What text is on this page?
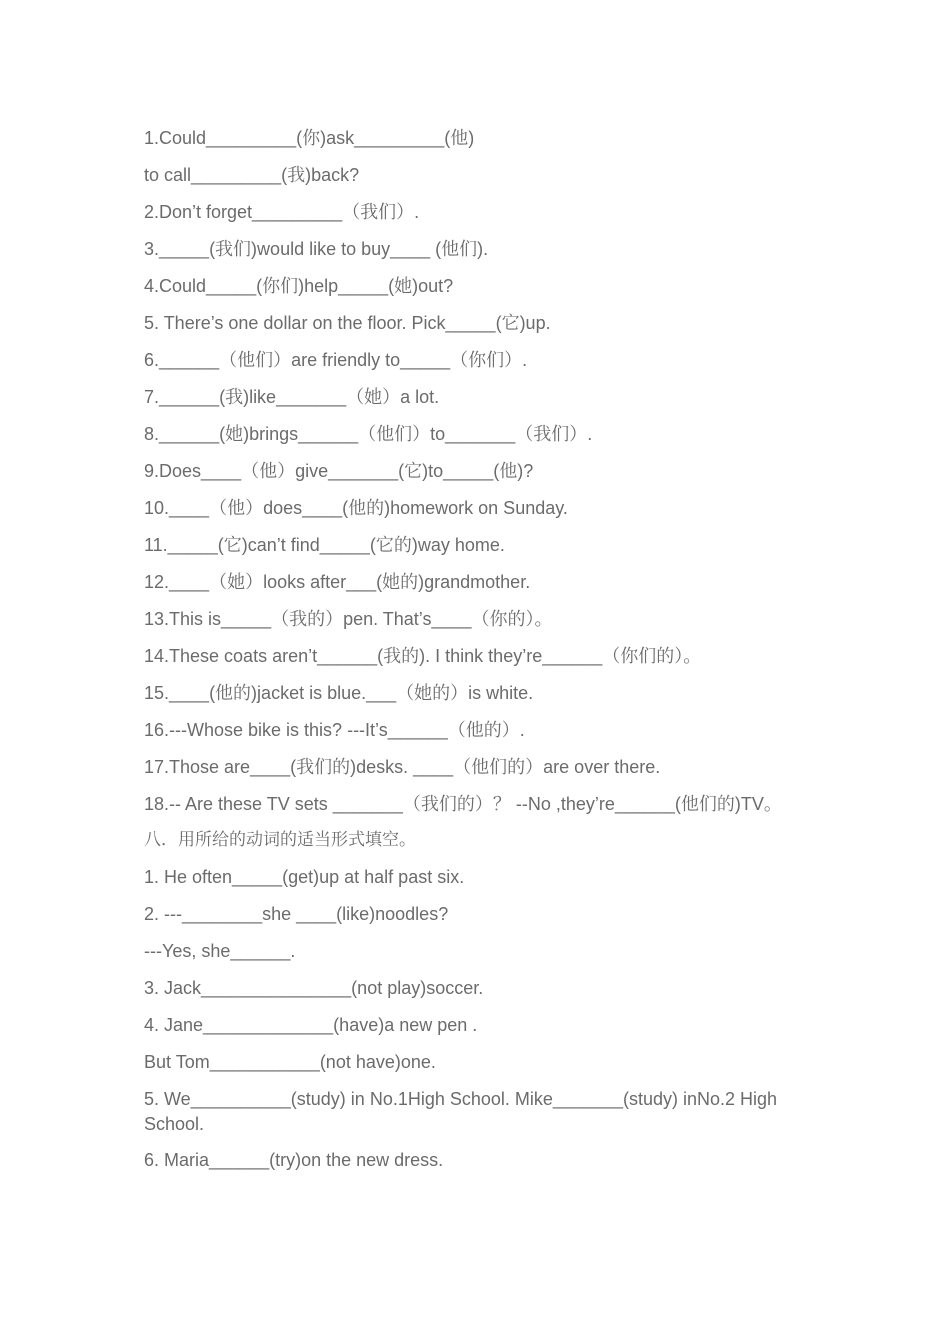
1.Could_________(你)ask_________(他)
to call_________(我)back?
2.Don’t forget_________（我们）.
3._____(我们)would like to buy____ (他们).
4.Could_____(你们)help_____(她)out?
5. There’s one dollar on the floor. Pick_____(它)up.
6.______（他们）are friendly to_____（你们）.
7.______(我)like_______（她）a lot.
8.______(她)brings______（他们）to_______（我们）.
9.Does____（他）give_______(它)to_____(他)?
10.____（他）does____(他的)homework on Sunday.
11._____(它)can’t find_____(它的)way home.
12.____（她）looks after___(她的)grandmother.
13.This is_____（我的）pen. That’s____（你的）。
14.These coats aren’t______(我的). I think they’re______（你们的）。
15.____(他的)jacket is blue.___（她的）is white.
16.---Whose bike is this? ---It’s______（他的）.
17.Those are____(我们的)desks. ____（他们的）are over there.
18.-- Are these TV sets _______（我们的）？ --No ,they’re______(他们的)TV。
八．用所给的动词的适当形式填空。
1. He often_____(get)up at half past six.
2. ---________she ____(like)noodles?
---Yes, she______.
3. Jack_______________(not play)soccer.
4. Jane_____________(have)a new pen .
But Tom___________(not have)one.
5. We__________(study) in No.1High School. Mike_______(study) inNo.2 High School.
6. Maria______(try)on the new dress.
